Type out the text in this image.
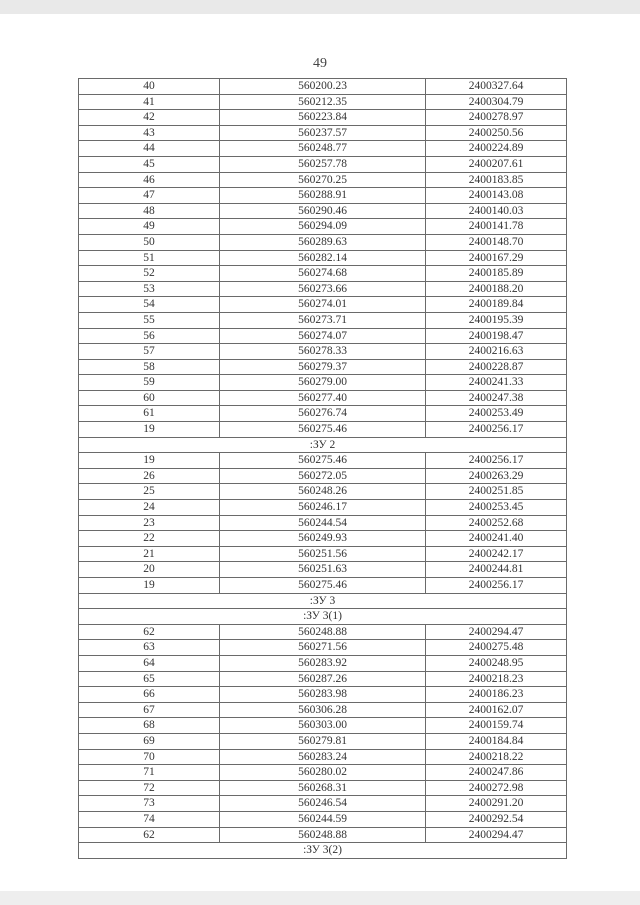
49
40	560200.23	2400327.64
41	560212.35	2400304.79
42	560223.84	2400278.97
43	560237.57	2400250.56
44	560248.77	2400224.89
45	560257.78	2400207.61
46	560270.25	2400183.85
47	560288.91	2400143.08
48	560290.46	2400140.03
49	560294.09	2400141.78
50	560289.63	2400148.70
51	560282.14	2400167.29
52	560274.68	2400185.89
53	560273.66	2400188.20
54	560274.01	2400189.84
55	560273.71	2400195.39
56	560274.07	2400198.47
57	560278.33	2400216.63
58	560279.37	2400228.87
59	560279.00	2400241.33
60	560277.40	2400247.38
61	560276.74	2400253.49
19	560275.46	2400256.17
:ЗУ 2		
19	560275.46	2400256.17
26	560272.05	2400263.29
25	560248.26	2400251.85
24	560246.17	2400253.45
23	560244.54	2400252.68
22	560249.93	2400241.40
21	560251.56	2400242.17
20	560251.63	2400244.81
19	560275.46	2400256.17
:ЗУ 3		
:ЗУ 3(1)		
62	560248.88	2400294.47
63	560271.56	2400275.48
64	560283.92	2400248.95
65	560287.26	2400218.23
66	560283.98	2400186.23
67	560306.28	2400162.07
68	560303.00	2400159.74
69	560279.81	2400184.84
70	560283.24	2400218.22
71	560280.02	2400247.86
72	560268.31	2400272.98
73	560246.54	2400291.20
74	560244.59	2400292.54
62	560248.88	2400294.47
:ЗУ 3(2)		
